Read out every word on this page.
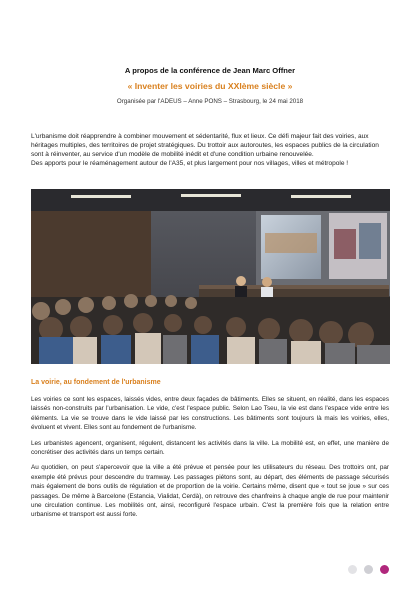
A propos de la conférence de Jean Marc Offner
« Inventer les voiries du XXIème siècle »
Organisée par l'ADEUS – Anne PONS – Strasbourg, le 24 mai 2018

L'urbanisme doit réapprendre à combiner mouvement et sédentarité, flux et lieux. Ce défi majeur fait des voiries, aux héritages multiples, des territoires de projet stratégiques. Du trottoir aux autoroutes, les espaces publics de la circulation sont à réinventer, au service d'un modèle de mobilité inédit et d'une condition urbaine renouvelée.

Des apports pour le réaménagement autour de l'A35, et plus largement pour nos villages, villes et métropole !

La voirie, au fondement de l'urbanisme

Les voiries ce sont les espaces, laissés vides, entre deux façades de bâtiments. Elles se situent, en réalité, dans les espaces laissés non-construits par l'urbanisation. Le vide, c'est l'espace public. Selon Lao Tseu, la vie est dans l'espace vide entre les éléments. La vie se trouve dans le vide laissé par les constructions. Les bâtiments sont toujours là mais les voiries, elles, évoluent et vivent. Elles sont au fondement de l'urbanisme.

Les urbanistes agencent, organisent, régulent, distancent les activités dans la ville. La mobilité est, en effet, une manière de concrétiser des activités dans un temps certain.

Au quotidien, on peut s'apercevoir que la ville a été prévue et pensée pour les utilisateurs du réseau. Des trottoirs ont, par exemple été prévus pour descendre du tramway. Les passages piétons sont, au départ, des éléments de passage sécurisés mais également de bons outils de régulation et de proportion de la voirie. Certains même, disent que « tout se joue » sur ces passages. De même à Barcelone (Estancia, Vialidat, Cerdà), on retrouve des chanfreins à chaque angle de rue pour maintenir une circulation continue. Les mobilités ont, ainsi, reconfiguré l'espace urbain. C'est la première fois que la relation entre urbanisme et transport est aussi forte.
